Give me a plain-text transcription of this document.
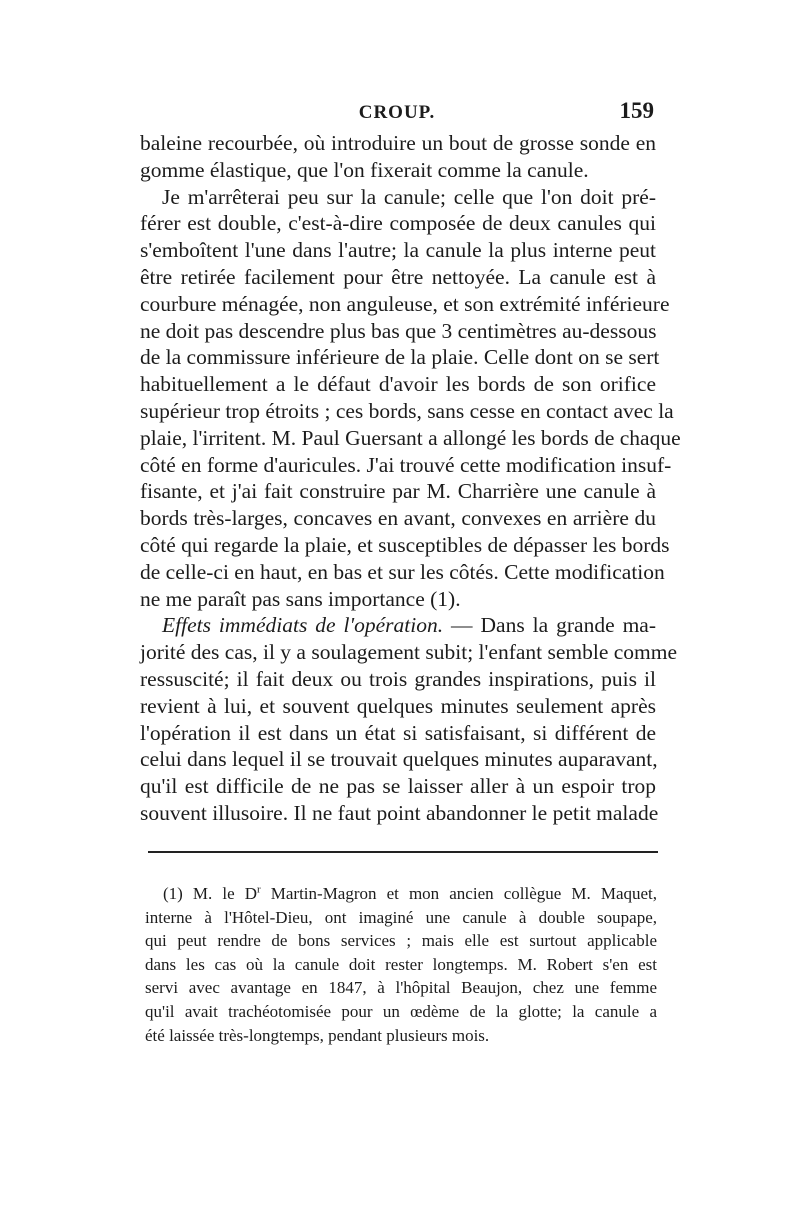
CROUP.	159
baleine recourbée, où introduire un bout de grosse sonde en
gomme élastique, que l'on fixerait comme la canule.
Je m'arrêterai peu sur la canule; celle que l'on doit pré-
férer est double, c'est-à-dire composée de deux canules qui
s'emboîtent l'une dans l'autre; la canule la plus interne peut
être retirée facilement pour être nettoyée. La canule est à
courbure ménagée, non anguleuse, et son extrémité inférieure
ne doit pas descendre plus bas que 3 centimètres au-dessous
de la commissure inférieure de la plaie. Celle dont on se sert
habituellement a le défaut d'avoir les bords de son orifice
supérieur trop étroits ; ces bords, sans cesse en contact avec la
plaie, l'irritent. M. Paul Guersant a allongé les bords de chaque
côté en forme d'auricules. J'ai trouvé cette modification insuf-
fisante, et j'ai fait construire par M. Charrière une canule à
bords très-larges, concaves en avant, convexes en arrière du
côté qui regarde la plaie, et susceptibles de dépasser les bords
de celle-ci en haut, en bas et sur les côtés. Cette modification
ne me paraît pas sans importance (1).
Effets immédiats de l'opération. — Dans la grande ma-
jorité des cas, il y a soulagement subit; l'enfant semble comme
ressuscité; il fait deux ou trois grandes inspirations, puis il
revient à lui, et souvent quelques minutes seulement après
l'opération il est dans un état si satisfaisant, si différent de
celui dans lequel il se trouvait quelques minutes auparavant,
qu'il est difficile de ne pas se laisser aller à un espoir trop
souvent illusoire. Il ne faut point abandonner le petit malade
(1) M. le $D^r$ Martin-Magron et mon ancien collègue M. Maquet,
interne à l'Hôtel-Dieu, ont imaginé une canule à double soupape,
qui peut rendre de bons services ; mais elle est surtout applicable
dans les cas où la canule doit rester longtemps. M. Robert s'en est
servi avec avantage en 1847, à l'hôpital Beaujon, chez une femme
qu'il avait trachéotomisée pour un œdème de la glotte; la canule a
été laissée très-longtemps, pendant plusieurs mois.
